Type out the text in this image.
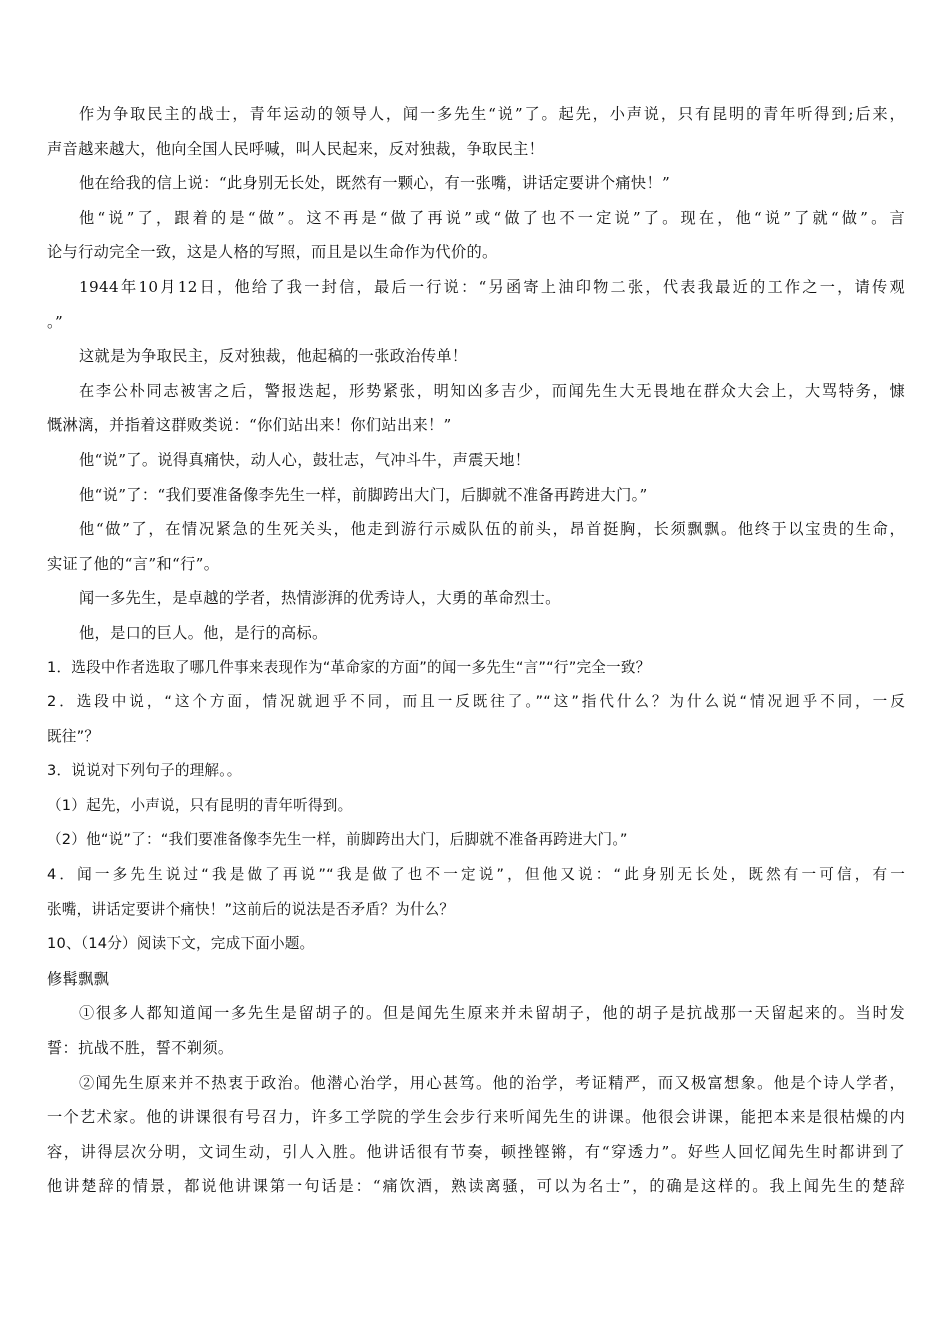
作为争取民主的战士，青年运动的领导人，闻一多先生“说”了。起先，小声说，只有昆明的青年听得到;后来，
声音越来越大，他向全国人民呼喊，叫人民起来，反对独裁，争取民主！
他在给我的信上说：“此身别无长处，既然有一颗心，有一张嘴，讲话定要讲个痛快！”
他“说”了，跟着的是“做”。这不再是“做了再说”或“做了也不一定说”了。现在，他“说”了就“做”。言
论与行动完全一致，这是人格的写照，而且是以生命作为代价的。
1944年10月12日，他给了我一封信，最后一行说：“另函寄上油印物二张，代表我最近的工作之一，请传观
。”
这就是为争取民主，反对独裁，他起稿的一张政治传单！
在李公朴同志被害之后，警报迭起，形势紧张，明知凶多吉少，而闻先生大无畏地在群众大会上，大骂特务，慷
慨淋漓，并指着这群败类说：“你们站出来！你们站出来！”
他“说”了。说得真痛快，动人心，鼓壮志，气冲斗牛，声震天地！
他“说”了：“我们要准备像李先生一样，前脚跨出大门，后脚就不准备再跨进大门。”
他“做”了，在情况紧急的生死关头，他走到游行示威队伍的前头，昂首挺胸，长须飘飘。他终于以宝贵的生命，
实证了他的“言”和“行”。
闻一多先生，是卓越的学者，热情澎湃的优秀诗人，大勇的革命烈士。
他，是口的巨人。他，是行的高标。
1．选段中作者选取了哪几件事来表现作为“革命家的方面”的闻一多先生“言”“行”完全一致？
2．选段中说，“这个方面，情况就迥乎不同，而且一反既往了。”“这”指代什么？为什么说“情况迥乎不同，一反
既往”？
3．说说对下列句子的理解。。
（1）起先，小声说，只有昆明的青年听得到。
（2）他“说”了：“我们要准备像李先生一样，前脚跨出大门，后脚就不准备再跨进大门。”
4．闻一多先生说过“我是做了再说”“我是做了也不一定说”，但他又说：“此身别无长处，既然有一可信，有一
张嘴，讲话定要讲个痛快！”这前后的说法是否矛盾？为什么？
10、（14分）阅读下文，完成下面小题。
修髯飘飘
①很多人都知道闻一多先生是留胡子的。但是闻先生原来并未留胡子，他的胡子是抗战那一天留起来的。当时发
誓：抗战不胜，誓不剃须。
②闻先生原来并不热衷于政治。他潜心治学，用心甚笃。他的治学，考证精严，而又极富想象。他是个诗人学者，
一个艺术家。他的讲课很有号召力，许多工学院的学生会步行来听闻先生的讲课。他很会讲课，能把本来是很枯燥的内
容，讲得层次分明，文词生动，引人入胜。他讲话很有节奏，顿挫铿锵，有“穿透力”。好些人回忆闻先生时都讲到了
他讲楚辞的情景，都说他讲课第一句话是：“痛饮酒，熟读离骚，可以为名士”，的确是这样的。我上闻先生的楚辞
